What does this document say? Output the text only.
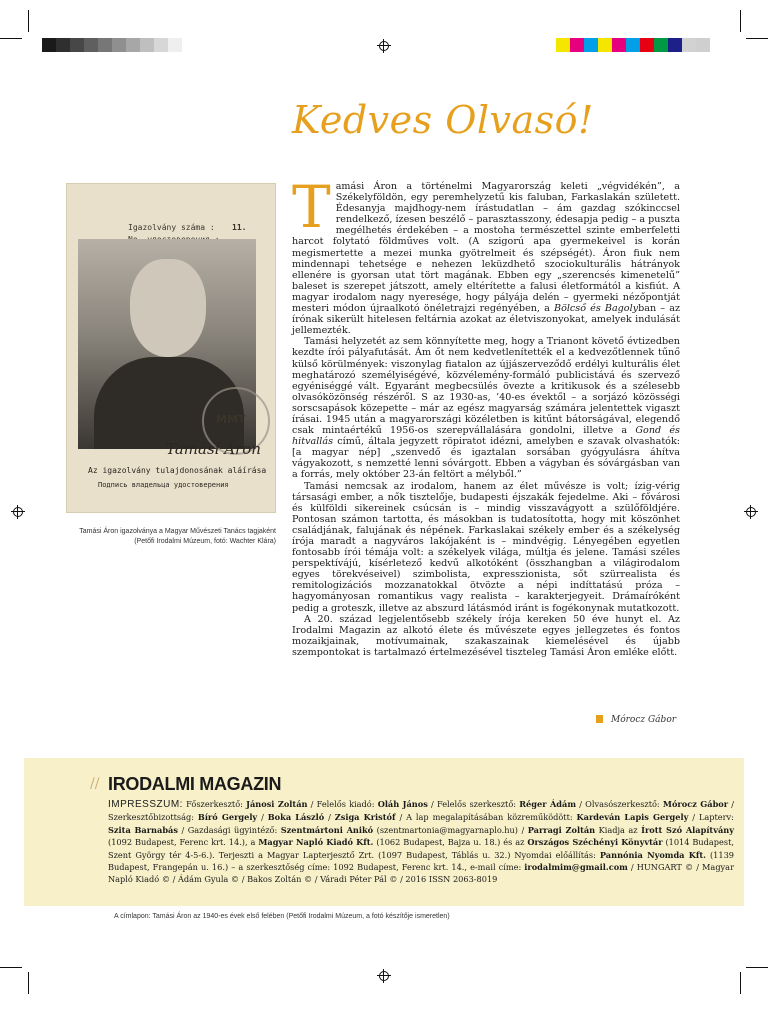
Kedves Olvasó!
Igazolvány száma : 11.
MMT
Tamási Áron
Az igazolvány tulajdonosának aláírása
Подпись владельца удостоверения
Tamási Áron igazolványa a Magyar Művészeti Tanács tagjaként
(Petőfi Irodalmi Múzeum, fotó: Wachter Klára)

Tamási Áron a történelmi Magyarország keleti „végvidékén”, a Székelyföldön, egy peremhelyzetű kis faluban, Farkaslakán született. Édesanyja majdhogy-nem írástudatlan – ám gazdag szókinccsel rendelkező, ízesen beszélő – parasztasszony, édesapja pedig – a puszta megélhetés érdekében – a mostoha természettel szinte emberfeletti harcot folytató földműves volt. (A szigorú apa gyermekeivel is korán megismertette a mezei munka gyötrelmeit és szépségét). Áron fiuk nem mindennapi tehetsége e nehezen leküzdhető szociokulturális hátrányok ellenére is gyorsan utat tört magának. Ebben egy „szerencsés kimenetelű” baleset is szerepet játszott, amely eltérítette a falusi életformától a kisfiút. A magyar irodalom nagy nyeresége, hogy pályája delén – gyermeki nézőpontját mesteri módon újraalkotó önéletrajzi regényében, a Bölcső és Bagolyban – az írónak sikerült hitelesen feltárnia azokat az életviszonyokat, amelyek indulását jellemezték.

Tamási helyzetét az sem könnyítette meg, hogy a Trianont követő évtizedben kezdte írói pályafutását. Ám őt nem kedvetlenítették el a kedvezőtlennek tűnő külső körülmények: viszonylag fiatalon az újjászerveződő erdélyi kulturális élet meghatározó személyiségévé, közvélemény-formáló publicistává és szervező egyéniséggé vált. Egyaránt megbecsülés övezte a kritikusok és a szélesebb olvasóközönség részéről. S az 1930-as, ’40-es évektől – a sorjázó közösségi sorscsapások közepette – már az egész magyarság számára jelentettek vigaszt írásai. 1945 után a magyarországi közéletben is kitűnt bátorságával, elegendő csak mintaértékű 1956-os szerepvállalására gondolni, illetve a Gond és hitvallás című, általa jegyzett röpiratot idézni, amelyben e szavak olvashatók: [a magyar nép] „szenvedő és igaztalan sorsában gyógyulásra áhítva vágyakozott, s nemzetté lenni sóvárgott. Ebben a vágyban és sóvárgásban van a forrás, mely október 23-án feltört a mélyből.”

Tamási nemcsak az irodalom, hanem az élet művésze is volt; ízig-vérig társasági ember, a nők tisztelője, budapesti éjszakák fejedelme. Aki – fővárosi és külföldi sikereinek csúcsán is – mindig visszavágyott a szülőföldjére. Pontosan számon tartotta, és másokban is tudatosította, hogy mit köszönhet családjának, falujának és népének. Farkaslakai székely ember és a székelység írója maradt a nagyváros lakójaként is – mindvégig. Lényegében egyetlen fontosabb írói témája volt: a székelyek világa, múltja és jelene. Tamási széles perspektívájú, kísérletező kedvű alkotóként (összhangban a világirodalom egyes törekvéseivel) szimbolista, expresszionista, sőt szürrealista és remitologizációs mozzanatokkal ötvözte a népi indíttatású próza – hagyományosan romantikus vagy realista – karakterjegyeit. Drámaíróként pedig a groteszk, illetve az abszurd látásmód iránt is fogékonynak mutatkozott.

A 20. század legjelentősebb székely írója kereken 50 éve hunyt el. Az Irodalmi Magazin az alkotó élete és művészete egyes jellegzetes és fontos mozaikjainak, motívumainak, szakaszainak kiemelésével és újabb szempontokat is tartalmazó értelmezésével tiszteleg Tamási Áron emléke előtt.

Mórocz Gábor
// IRODALMI MAGAZIN
IMPRESSZUM: Főszerkesztő: Jánosi Zoltán / Felelős kiadó: Oláh János / Felelős szerkesztő: Réger Ádám / Olvasószerkesztő: Mórocz Gábor / Szerkesztőbizottság: Bíró Gergely / Boka László / Zsiga Kristóf / A lap megalapításában közreműködött: Kardeván Lapis Gergely / Lapterv: Szita Barnabás / Gazdasági ügyintéző: Szentmártoni Anikó (szentmartonia@magyarnaplo.hu) / Parragi Zoltán Kiadja az Írott Szó Alapítvány (1092 Budapest, Ferenc krt. 14.), a Magyar Napló Kiadó Kft. (1062 Budapest, Bajza u. 18.) és az Országos Széchényi Könyvtár (1014 Budapest, Szent György tér 4-5-6.). Terjeszti a Magyar Lapterjesztő Zrt. (1097 Budapest, Táblás u. 32.) Nyomdai előállítás: Pannónia Nyomda Kft. (1139 Budapest, Frangepán u. 16.) – a szerkesztőség címe: 1092 Budapest, Ferenc krt. 14., e-mail címe: irodalmim@gmail.com / HUNGART © / Magyar Napló Kiadó © / Ádám Gyula © / Bakos Zoltán © / Váradi Péter Pál © / 2016 ISSN 2063-8019
A címlapon: Tamási Áron az 1940-es évek első felében (Petőfi Irodalmi Múzeum, a fotó készítője ismeretlen)
